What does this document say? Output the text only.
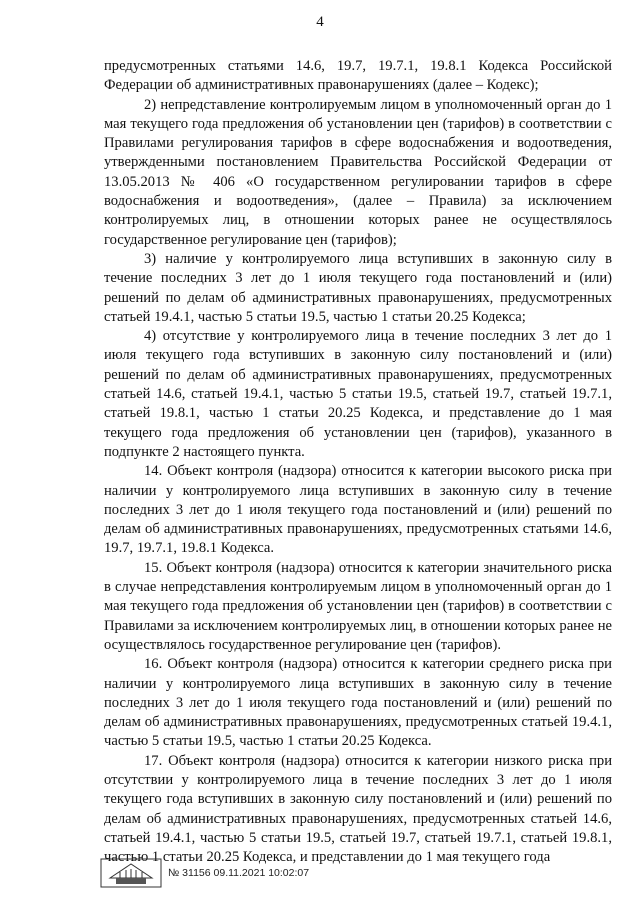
4

предусмотренных статьями 14.6, 19.7, 19.7.1, 19.8.1 Кодекса Российской Федерации об административных правонарушениях (далее – Кодекс);

2) непредставление контролируемым лицом в уполномоченный орган до 1 мая текущего года предложения об установлении цен (тарифов) в соответствии с Правилами регулирования тарифов в сфере водоснабжения и водоотведения, утвержденными постановлением Правительства Российской Федерации от 13.05.2013 № 406 «О государственном регулировании тарифов в сфере водоснабжения и водоотведения», (далее – Правила) за исключением контролируемых лиц, в отношении которых ранее не осуществлялось государственное регулирование цен (тарифов);

3) наличие у контролируемого лица вступивших в законную силу в течение последних 3 лет до 1 июля текущего года постановлений и (или) решений по делам об административных правонарушениях, предусмотренных статьей 19.4.1, частью 5 статьи 19.5, частью 1 статьи 20.25 Кодекса;

4) отсутствие у контролируемого лица в течение последних 3 лет до 1 июля текущего года вступивших в законную силу постановлений и (или) решений по делам об административных правонарушениях, предусмотренных статьей 14.6, статьей 19.4.1, частью 5 статьи 19.5, статьей 19.7, статьей 19.7.1, статьей 19.8.1, частью 1 статьи 20.25 Кодекса, и представление до 1 мая текущего года предложения об установлении цен (тарифов), указанного в подпункте 2 настоящего пункта.

14. Объект контроля (надзора) относится к категории высокого риска при наличии у контролируемого лица вступивших в законную силу в течение последних 3 лет до 1 июля текущего года постановлений и (или) решений по делам об административных правонарушениях, предусмотренных статьями 14.6, 19.7, 19.7.1, 19.8.1 Кодекса.

15. Объект контроля (надзора) относится к категории значительного риска в случае непредставления контролируемым лицом в уполномоченный орган до 1 мая текущего года предложения об установлении цен (тарифов) в соответствии с Правилами за исключением контролируемых лиц, в отношении которых ранее не осуществлялось государственное регулирование цен (тарифов).

16. Объект контроля (надзора) относится к категории среднего риска при наличии у контролируемого лица вступивших в законную силу в течение последних 3 лет до 1 июля текущего года постановлений и (или) решений по делам об административных правонарушениях, предусмотренных статьей 19.4.1, частью 5 статьи 19.5, частью 1 статьи 20.25 Кодекса.

17. Объект контроля (надзора) относится к категории низкого риска при отсутствии у контролируемого лица в течение последних 3 лет до 1 июля текущего года вступивших в законную силу постановлений и (или) решений по делам об административных правонарушениях, предусмотренных статьей 14.6, статьей 19.4.1, частью 5 статьи 19.5, статьей 19.7, статьей 19.7.1, статьей 19.8.1, частью 1 статьи 20.25 Кодекса, и представлении до 1 мая текущего года

№ 31156 09.11.2021 10:02:07
